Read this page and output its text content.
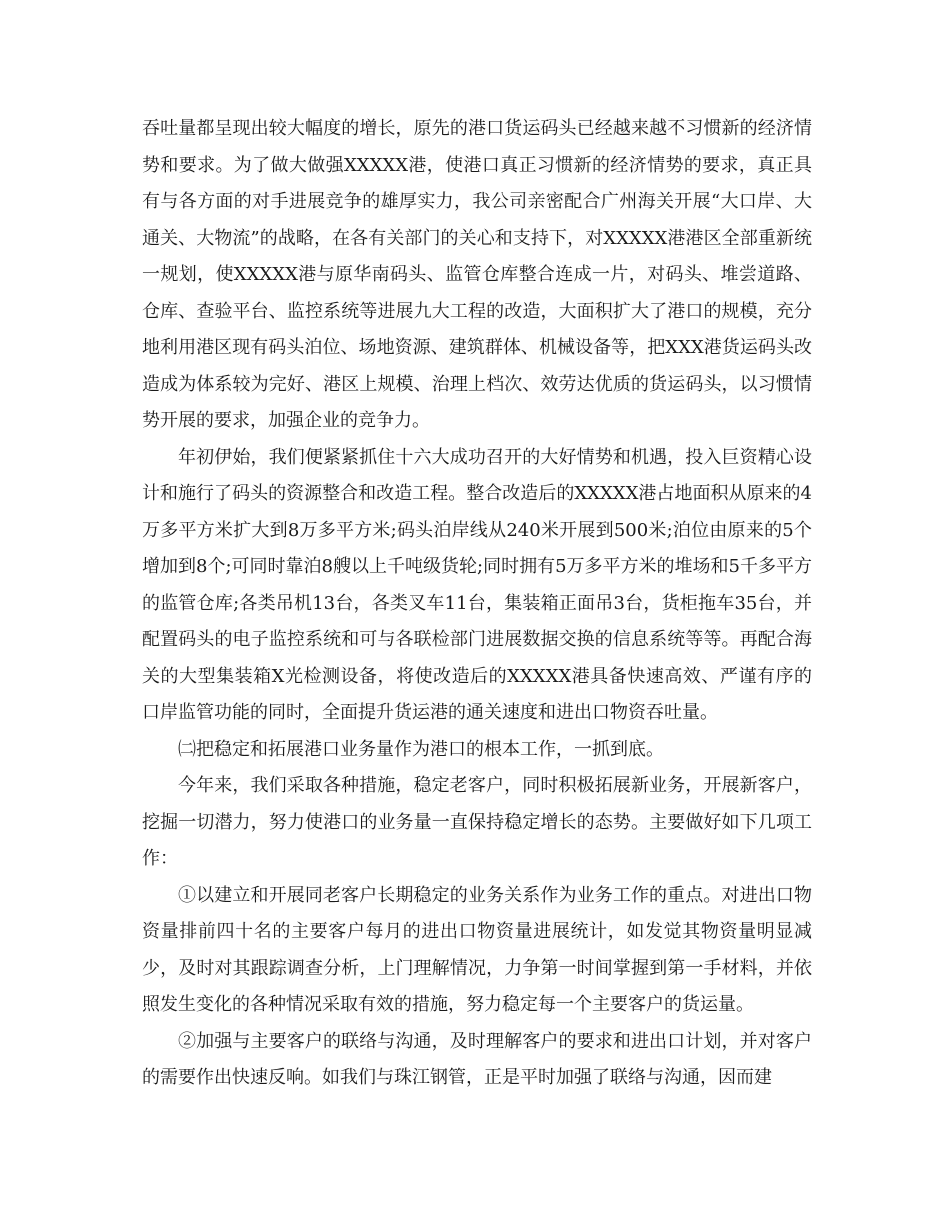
吞吐量都呈现出较大幅度的增长，原先的港口货运码头已经越来越不习惯新的经济情势和要求。为了做大做强XXXXX港，使港口真正习惯新的经济情势的要求，真正具有与各方面的对手进展竞争的雄厚实力，我公司亲密配合广州海关开展“大口岸、大通关、大物流”的战略，在各有关部门的关心和支持下，对XXXXX港港区全部重新统一规划，使XXXXX港与原华南码头、监管仓库整合连成一片，对码头、堆尝道路、仓库、查验平台、监控系统等进展九大工程的改造，大面积扩大了港口的规模，充分地利用港区现有码头泊位、场地资源、建筑群体、机械设备等，把XXX港货运码头改造成为体系较为完好、港区上规模、治理上档次、效劳达优质的货运码头，以习惯情势开展的要求，加强企业的竞争力。

年初伊始，我们便紧紧抓住十六大成功召开的大好情势和机遇，投入巨资精心设计和施行了码头的资源整合和改造工程。整合改造后的XXXXX港占地面积从原来的4万多平方米扩大到8万多平方米;码头泊岸线从240米开展到500米;泊位由原来的5个增加到8个;可同时靠泊8艘以上千吨级货轮;同时拥有5万多平方米的堆场和5千多平方的监管仓库;各类吊机13台，各类叉车11台，集装箱正面吊3台，货柜拖车35台，并配置码头的电子监控系统和可与各联检部门进展数据交换的信息系统等等。再配合海关的大型集装箱X光检测设备，将使改造后的XXXXX港具备快速高效、严谨有序的口岸监管功能的同时，全面提升货运港的通关速度和进出口物资吞吐量。

㈡把稳定和拓展港口业务量作为港口的根本工作，一抓到底。

今年来，我们采取各种措施，稳定老客户，同时积极拓展新业务，开展新客户，挖掘一切潜力，努力使港口的业务量一直保持稳定增长的态势。主要做好如下几项工作：

①以建立和开展同老客户长期稳定的业务关系作为业务工作的重点。对进出口物资量排前四十名的主要客户每月的进出口物资量进展统计，如发觉其物资量明显减少，及时对其跟踪调查分析，上门理解情况，力争第一时间掌握到第一手材料，并依照发生变化的各种情况采取有效的措施，努力稳定每一个主要客户的货运量。

②加强与主要客户的联络与沟通，及时理解客户的要求和进出口计划，并对客户的需要作出快速反响。如我们与珠江钢管，正是平时加强了联络与沟通，因而建
